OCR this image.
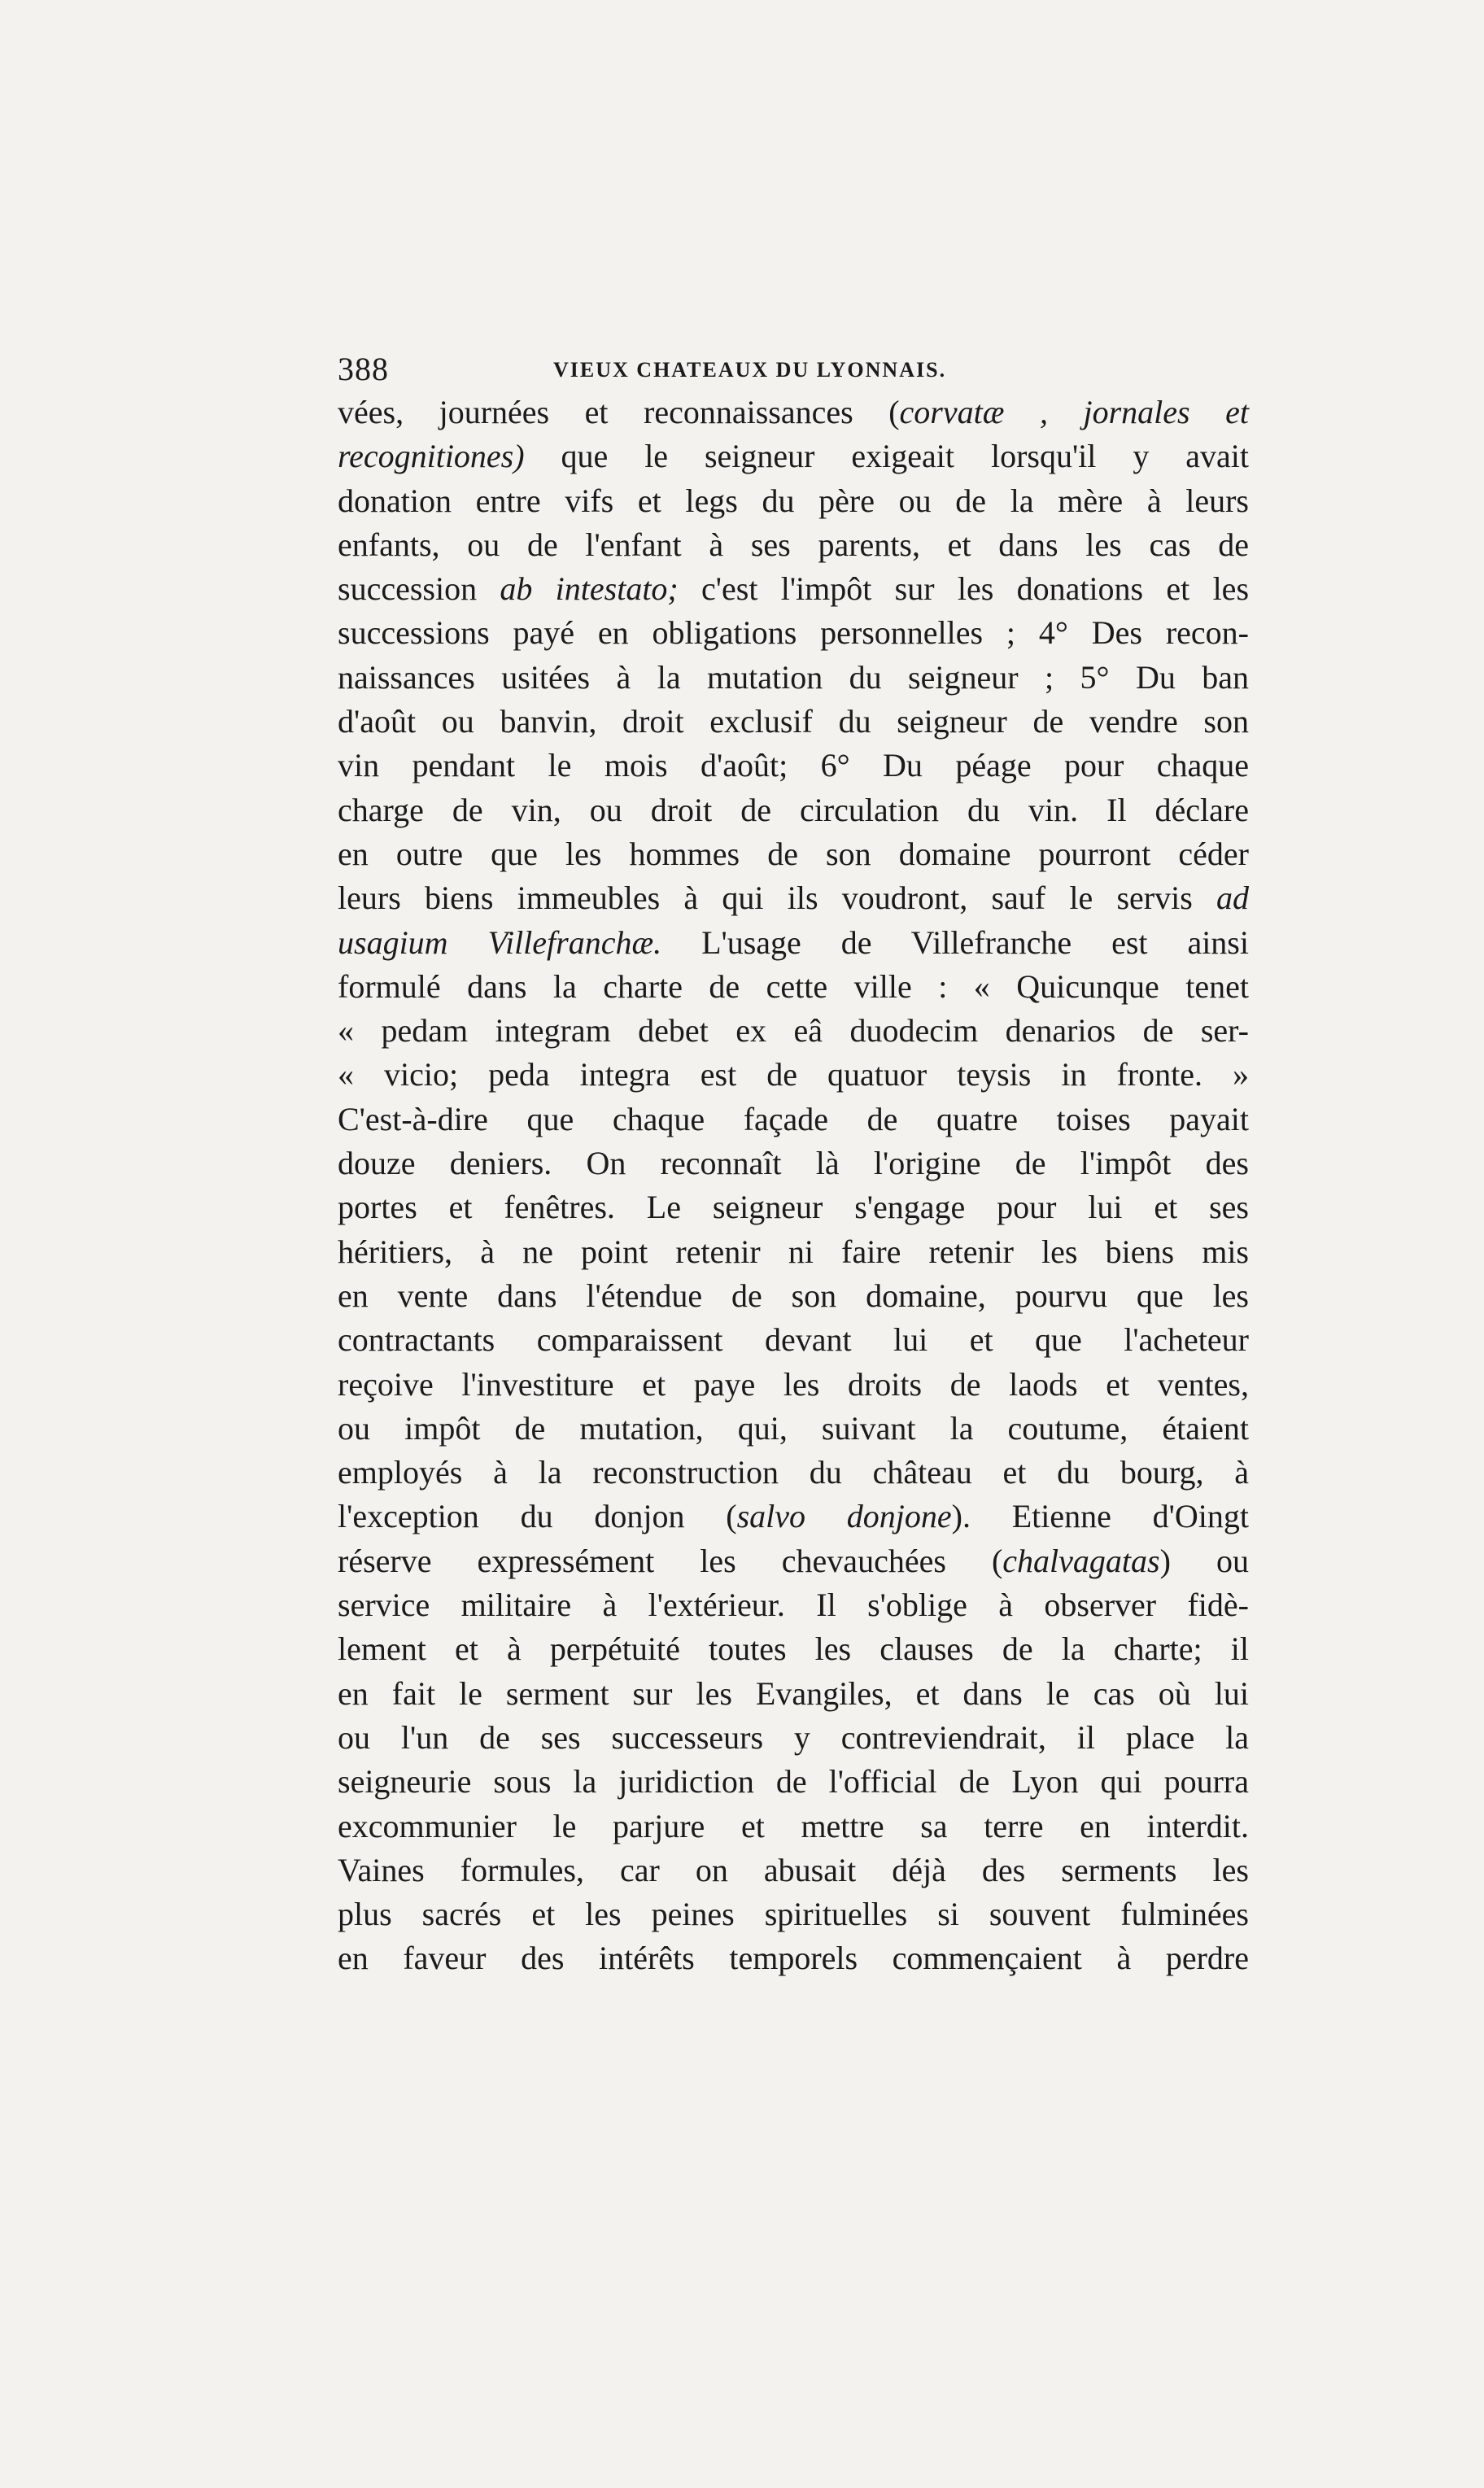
388	VIEUX CHATEAUX DU LYONNAIS.
vées, journées et reconnaissances (corvatæ , jornales et
recognitiones) que le seigneur exigeait lorsqu'il y avait
donation entre vifs et legs du père ou de la mère à leurs
enfants, ou de l'enfant à ses parents, et dans les cas de
succession ab intestato; c'est l'impôt sur les donations et les
successions payé en obligations personnelles ; 4° Des recon-
naissances usitées à la mutation du seigneur ; 5° Du ban
d'août ou banvin, droit exclusif du seigneur de vendre son
vin pendant le mois d'août; 6° Du péage pour chaque
charge de vin, ou droit de circulation du vin. Il déclare
en outre que les hommes de son domaine pourront céder
leurs biens immeubles à qui ils voudront, sauf le servis ad
usagium Villefranchæ. L'usage de Villefranche est ainsi
formulé dans la charte de cette ville : « Quicunque tenet
« pedam integram debet ex eâ duodecim denarios de ser-
« vicio; peda integra est de quatuor teysis in fronte. »
C'est-à-dire que chaque façade de quatre toises payait
douze deniers. On reconnaît là l'origine de l'impôt des
portes et fenêtres. Le seigneur s'engage pour lui et ses
héritiers, à ne point retenir ni faire retenir les biens mis
en vente dans l'étendue de son domaine, pourvu que les
contractants comparaissent devant lui et que l'acheteur
reçoive l'investiture et paye les droits de laods et ventes,
ou impôt de mutation, qui, suivant la coutume, étaient
employés à la reconstruction du château et du bourg, à
l'exception du donjon (salvo donjone). Etienne d'Oingt
réserve expressément les chevauchées (chalvagatas) ou
service militaire à l'extérieur. Il s'oblige à observer fidè-
lement et à perpétuité toutes les clauses de la charte; il
en fait le serment sur les Evangiles, et dans le cas où lui
ou l'un de ses successeurs y contreviendrait, il place la
seigneurie sous la juridiction de l'official de Lyon qui pourra
excommunier le parjure et mettre sa terre en interdit.
Vaines formules, car on abusait déjà des serments les
plus sacrés et les peines spirituelles si souvent fulminées
en faveur des intérêts temporels commençaient à perdre
